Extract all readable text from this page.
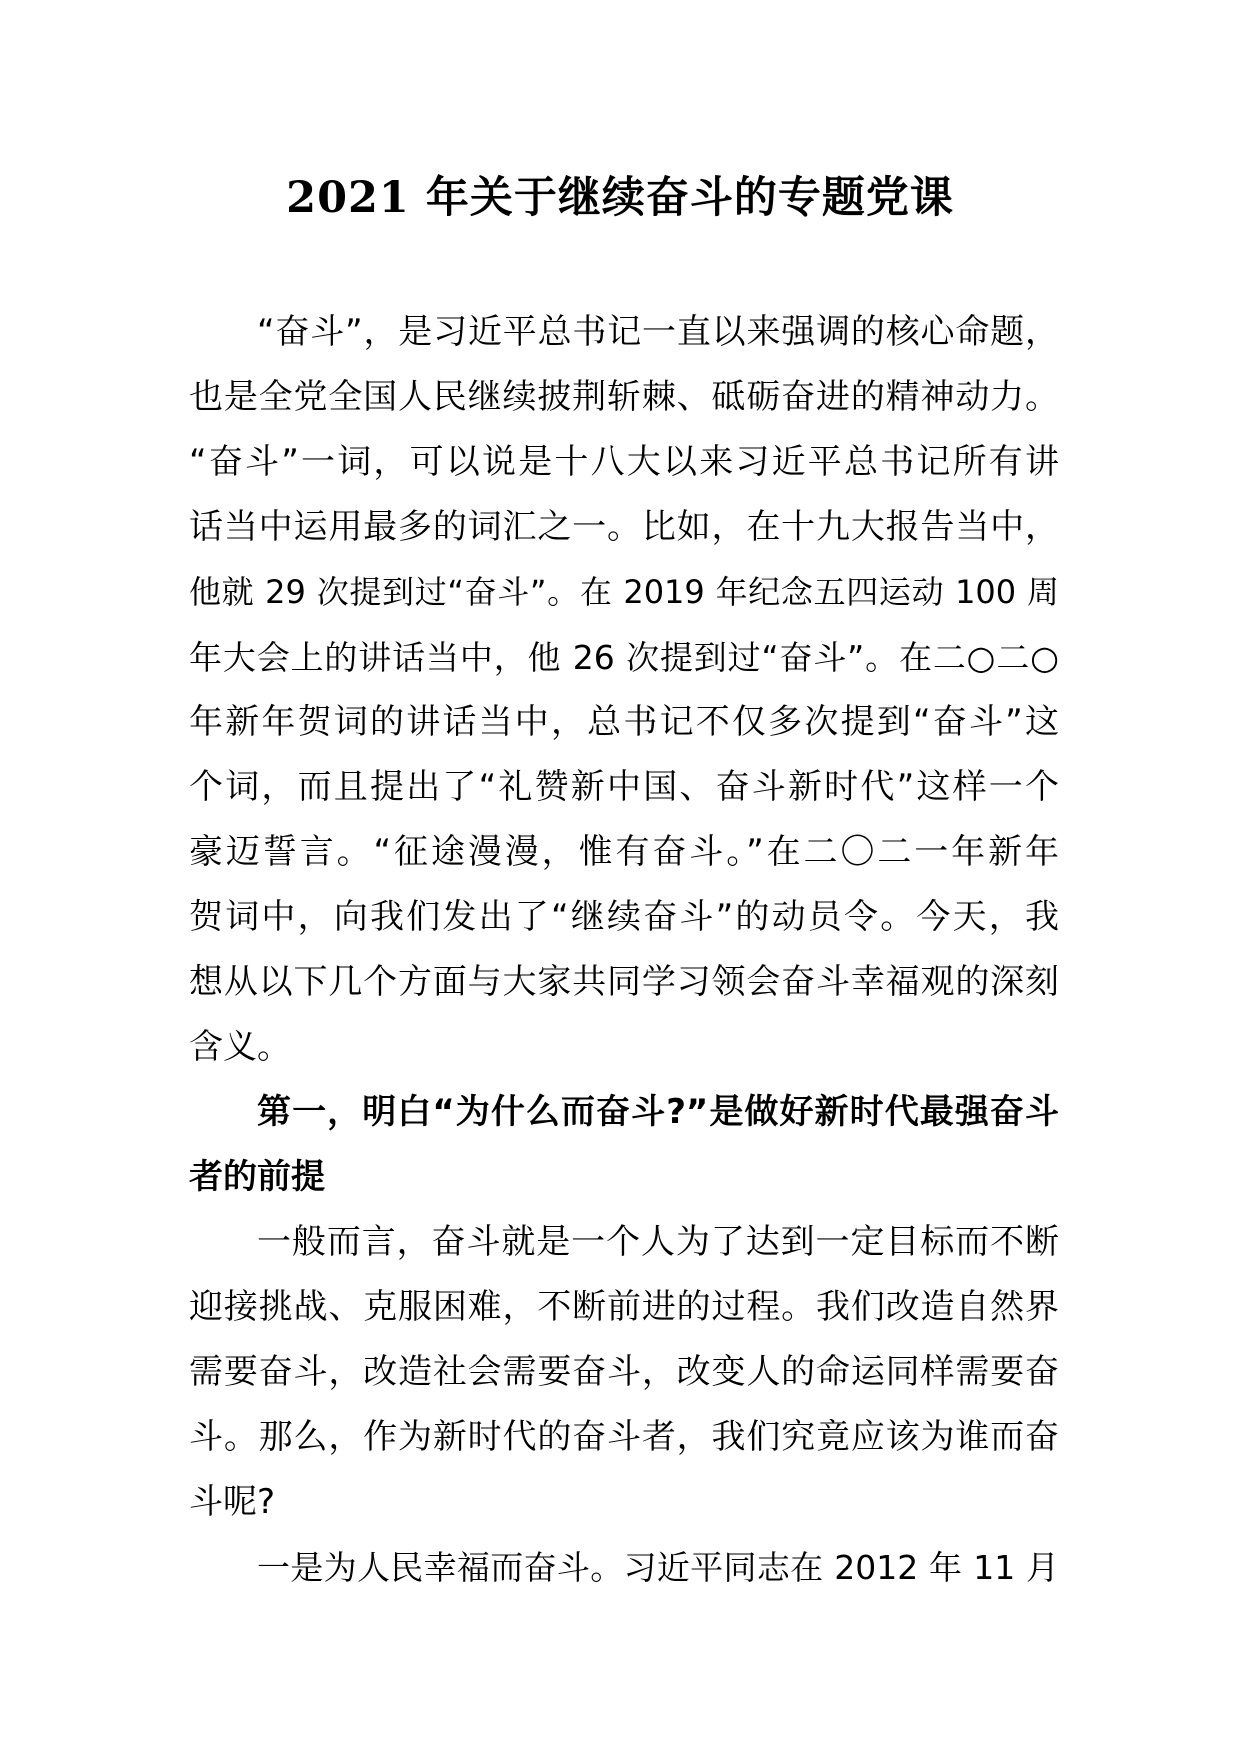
2021 年关于继续奋斗的专题党课
“奋斗”，是习近平总书记一直以来强调的核心命题，
也是全党全国人民继续披荆斩棘、砥砺奋进的精神动力。
“奋斗”一词，可以说是十八大以来习近平总书记所有讲
话当中运用最多的词汇之一。比如，在十九大报告当中，
他就 29 次提到过“奋斗”。在 2019 年纪念五四运动 100 周
年大会上的讲话当中，他 26 次提到过“奋斗”。在二○二○
年新年贺词的讲话当中，总书记不仅多次提到“奋斗”这
个词，而且提出了“礼赞新中国、奋斗新时代”这样一个
豪迈誓言。“征途漫漫，惟有奋斗。”在二〇二一年新年
贺词中，向我们发出了“继续奋斗”的动员令。今天，我
想从以下几个方面与大家共同学习领会奋斗幸福观的深刻
含义。
第一，明白“为什么而奋斗?”是做好新时代最强奋斗
者的前提
一般而言，奋斗就是一个人为了达到一定目标而不断
迎接挑战、克服困难，不断前进的过程。我们改造自然界
需要奋斗，改造社会需要奋斗，改变人的命运同样需要奋
斗。那么，作为新时代的奋斗者，我们究竟应该为谁而奋
斗呢?
一是为人民幸福而奋斗。习近平同志在 2012 年 11 月
